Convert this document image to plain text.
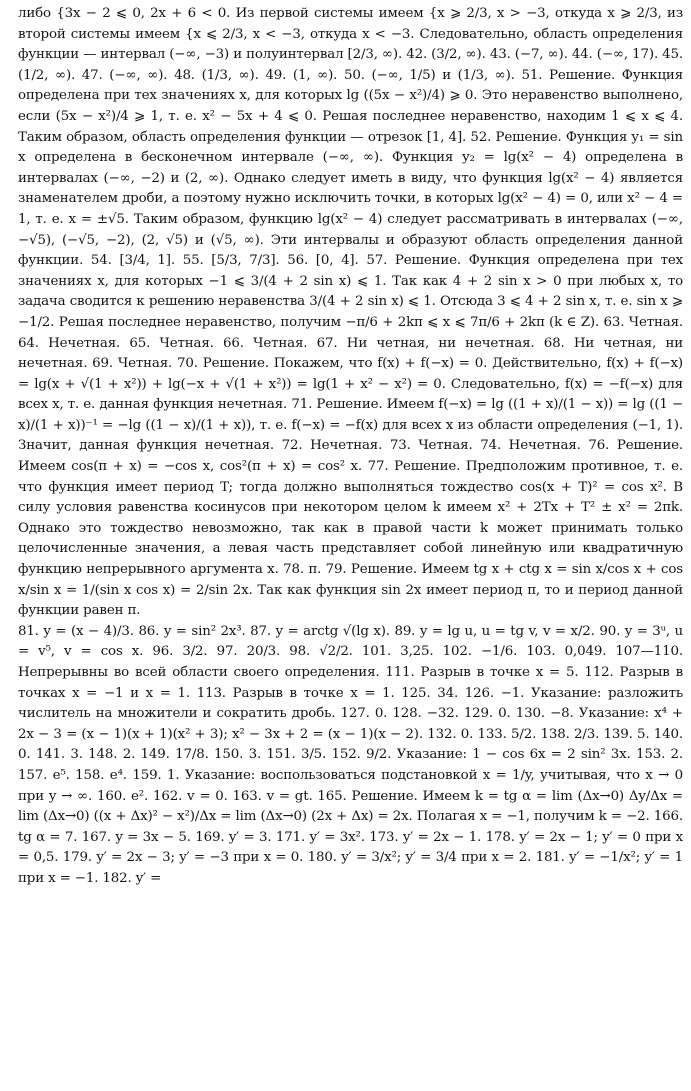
либо {3x − 2 ⩽ 0, 2x + 6 < 0. Из первой системы имеем {x ⩾ 2/3, x > −3, откуда x ⩾ 2/3, из второй системы имеем {x ⩽ 2/3, x < −3, откуда x < −3. Следовательно, область определения функции — интервал (−∞, −3) и полуинтервал [2/3, ∞). 42. (3/2, ∞). 43. (−7, ∞). 44. (−∞, 17). 45. (1/2, ∞). 47. (−∞, ∞). 48. (1/3, ∞). 49. (1, ∞). 50. (−∞, 1/5) и (1/3, ∞). 51. Решение. Функция определена при тех значениях x, для которых lg ((5x − x²)/4) ⩾ 0. Это неравенство выполнено, если (5x − x²)/4 ⩾ 1, т. е. x² − 5x + 4 ⩽ 0. Решая последнее неравенство, находим 1 ⩽ x ⩽ 4. Таким образом, область определения функции — отрезок [1, 4]. 52. Решение. Функция y₁ = sin x определена в бесконечном интервале (−∞, ∞). Функция y₂ = lg(x² − 4) определена в интервалах (−∞, −2) и (2, ∞). Однако следует иметь в виду, что функция lg(x² − 4) является знаменателем дроби, а поэтому нужно исключить точки, в которых lg(x² − 4) = 0, или x² − 4 = 1, т. е. x = ±√5. Таким образом, функцию lg(x² − 4) следует рассматривать в интервалах (−∞, −√5), (−√5, −2), (2, √5) и (√5, ∞). Эти интервалы и образуют область определения данной функции. 54. [3/4, 1]. 55. [5/3, 7/3]. 56. [0, 4]. 57. Решение. Функция определена при тех значениях x, для которых −1 ⩽ 3/(4 + 2 sin x) ⩽ 1. Так как 4 + 2 sin x > 0 при любых x, то задача сводится к решению неравенства 3/(4 + 2 sin x) ⩽ 1. Отсюда 3 ⩽ 4 + 2 sin x, т. е. sin x ⩾ −1/2. Решая последнее неравенство, получим −π/6 + 2kπ ⩽ x ⩽ 7π/6 + 2kπ (k ∈ Z). 63. Четная. 64. Нечетная. 65. Четная. 66. Четная. 67. Ни четная, ни нечетная. 68. Ни четная, ни нечетная. 69. Четная. 70. Решение. Покажем, что f(x) + f(−x) = 0. Действительно, f(x) + f(−x) = lg(x + √(1 + x²)) + lg(−x + √(1 + x²)) = lg(1 + x² − x²) = 0. Следовательно, f(x) = −f(−x) для всех x, т. е. данная функция нечетная. 71. Решение. Имеем f(−x) = lg ((1 + x)/(1 − x)) = lg ((1 − x)/(1 + x))⁻¹ = −lg ((1 − x)/(1 + x)), т. е. f(−x) = −f(x) для всех x из области определения (−1, 1). Значит, данная функция нечетная. 72. Нечетная. 73. Четная. 74. Нечетная. 76. Решение. Имеем cos(π + x) = −cos x, cos²(π + x) = cos² x. 77. Решение. Предположим противное, т. е. что функция имеет период T; тогда должно выполняться тождество cos(x + T)² = cos x². В силу условия равенства косинусов при некотором целом k имеем x² + 2Tx + T² ± x² = 2πk. Однако это тождество невозможно, так как в правой части k может принимать только целочисленные значения, а левая часть представляет собой линейную или квадратичную функцию непрерывного аргумента x. 78. π. 79. Решение. Имеем tg x + ctg x = sin x/cos x + cos x/sin x = 1/(sin x cos x) = 2/sin 2x. Так как функция sin 2x имеет период π, то и период данной функции равен π.

81. y = (x − 4)/3. 86. y = sin² 2x³. 87. y = arctg √(lg x). 89. y = lg u, u = tg v, v = x/2. 90. y = 3ᵘ, u = v⁵, v = cos x. 96. 3/2. 97. 20/3. 98. √2/2. 101. 3,25. 102. −1/6. 103. 0,049. 107—110. Непрерывны во всей области своего определения. 111. Разрыв в точке x = 5. 112. Разрыв в точках x = −1 и x = 1. 113. Разрыв в точке x = 1. 125. 34. 126. −1. Указание: разложить числитель на множители и сократить дробь. 127. 0. 128. −32. 129. 0. 130. −8. Указание: x⁴ + 2x − 3 = (x − 1)(x + 1)(x² + 3); x² − 3x + 2 = (x − 1)(x − 2). 132. 0. 133. 5/2. 138. 2/3. 139. 5. 140. 0. 141. 3. 148. 2. 149. 17/8. 150. 3. 151. 3/5. 152. 9/2. Указание: 1 − cos 6x = 2 sin² 3x. 153. 2. 157. e⁵. 158. e⁴. 159. 1. Указание: воспользоваться подстановкой x = 1/y, учитывая, что x → 0 при y → ∞. 160. e². 162. v = 0. 163. v = gt. 165. Решение. Имеем k = tg α = lim (Δx→0) Δy/Δx = lim (Δx→0) ((x + Δx)² − x²)/Δx = lim (Δx→0) (2x + Δx) = 2x. Полагая x = −1, получим k = −2. 166. tg α = 7. 167. y = 3x − 5. 169. y′ = 3. 171. y′ = 3x². 173. y′ = 2x − 1. 178. y′ = 2x − 1; y′ = 0 при x = 0,5. 179. y′ = 2x − 3; y′ = −3 при x = 0. 180. y′ = 3/x²; y′ = 3/4 при x = 2. 181. y′ = −1/x²; y′ = 1 при x = −1. 182. y′ =
